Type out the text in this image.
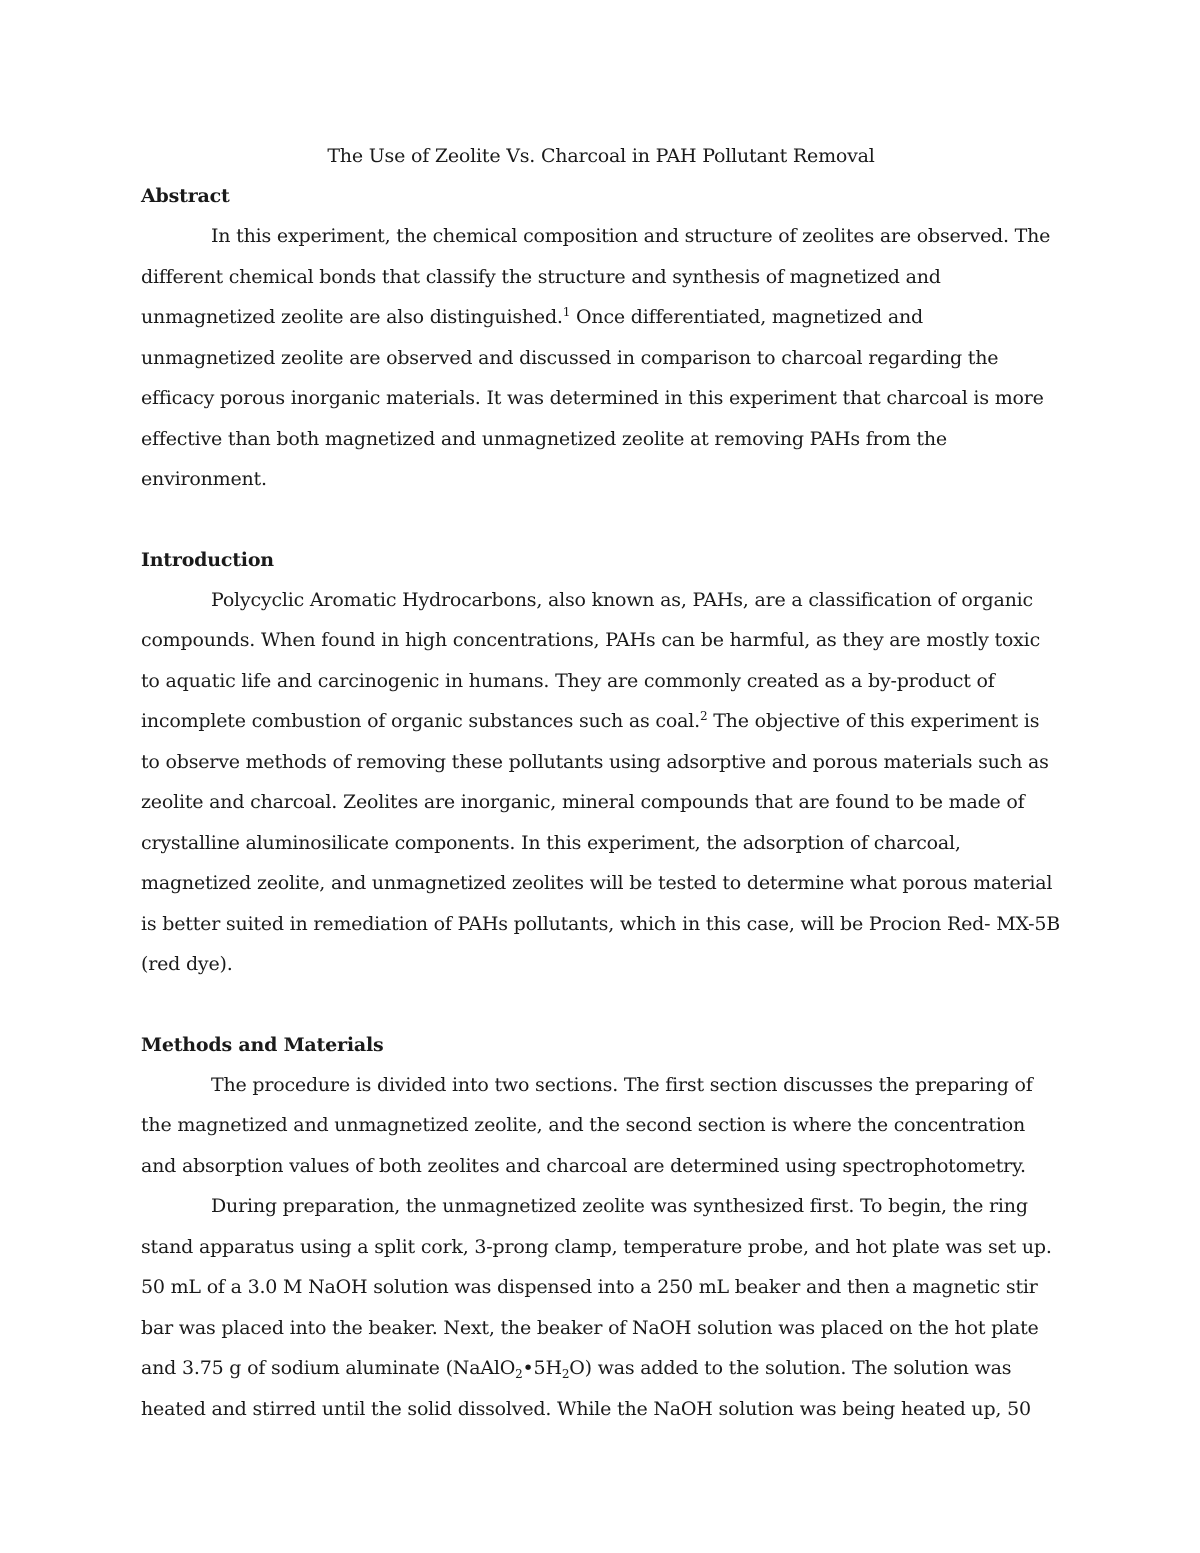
The Use of Zeolite Vs. Charcoal in PAH Pollutant Removal
Abstract

In this experiment, the chemical composition and structure of zeolites are observed. The different chemical bonds that classify the structure and synthesis of magnetized and unmagnetized zeolite are also distinguished.$^1$ Once differentiated, magnetized and unmagnetized zeolite are observed and discussed in comparison to charcoal regarding the efficacy porous inorganic materials. It was determined in this experiment that charcoal is more effective than both magnetized and unmagnetized zeolite at removing PAHs from the environment.

Introduction

Polycyclic Aromatic Hydrocarbons, also known as, PAHs, are a classification of organic compounds. When found in high concentrations, PAHs can be harmful, as they are mostly toxic to aquatic life and carcinogenic in humans. They are commonly created as a by-product of incomplete combustion of organic substances such as coal.$^2$ The objective of this experiment is to observe methods of removing these pollutants using adsorptive and porous materials such as zeolite and charcoal. Zeolites are inorganic, mineral compounds that are found to be made of crystalline aluminosilicate components. In this experiment, the adsorption of charcoal, magnetized zeolite, and unmagnetized zeolites will be tested to determine what porous material is better suited in remediation of PAHs pollutants, which in this case, will be Procion Red- MX-5B (red dye).

Methods and Materials

The procedure is divided into two sections. The first section discusses the preparing of the magnetized and unmagnetized zeolite, and the second section is where the concentration and absorption values of both zeolites and charcoal are determined using spectrophotometry.

During preparation, the unmagnetized zeolite was synthesized first. To begin, the ring stand apparatus using a split cork, 3-prong clamp, temperature probe, and hot plate was set up. 50 mL of a 3.0 M NaOH solution was dispensed into a 250 mL beaker and then a magnetic stir bar was placed into the beaker. Next, the beaker of NaOH solution was placed on the hot plate and 3.75 g of sodium aluminate $(NaAlO_2•5H_2O)$ was added to the solution. The solution was heated and stirred until the solid dissolved. While the NaOH solution was being heated up, 50
